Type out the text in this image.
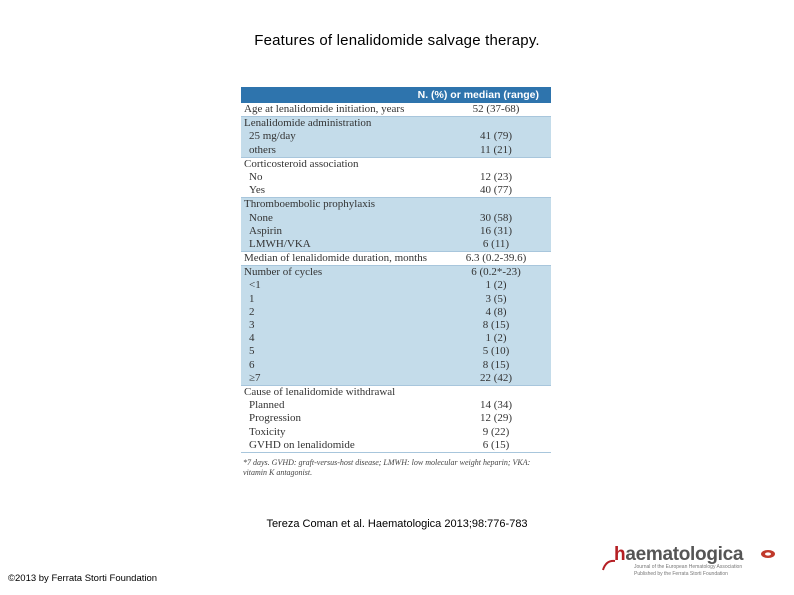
Features of lenalidomide salvage therapy.
N. (%) or median (range)
Age at lenalidomide initiation, years	52 (37-68)
Lenalidomide administration
25 mg/day	41 (79)
others	11 (21)
Corticosteroid association
No	12 (23)
Yes	40 (77)
Thromboembolic prophylaxis
None	30 (58)
Aspirin	16 (31)
LMWH/VKA	6 (11)
Median of lenalidomide duration, months	6.3 (0.2-39.6)
Number of cycles	6 (0.2*-23)
<1	1 (2)
1	3 (5)
2	4 (8)
3	8 (15)
4	1 (2)
5	5 (10)
6	8 (15)
≥7	22 (42)
Cause of lenalidomide withdrawal
Planned	14 (34)
Progression	12 (29)
Toxicity	9 (22)
GVHD on lenalidomide	6 (15)
*7 days. GVHD: graft-versus-host disease; LMWH: low molecular weight heparin; VKA: vitamin K antagonist.
Tereza Coman et al. Haematologica 2013;98:776-783
©2013 by Ferrata Storti Foundation
haematologica
Journal of the European Hematology Association
Published by the Ferrata Storti Foundation
